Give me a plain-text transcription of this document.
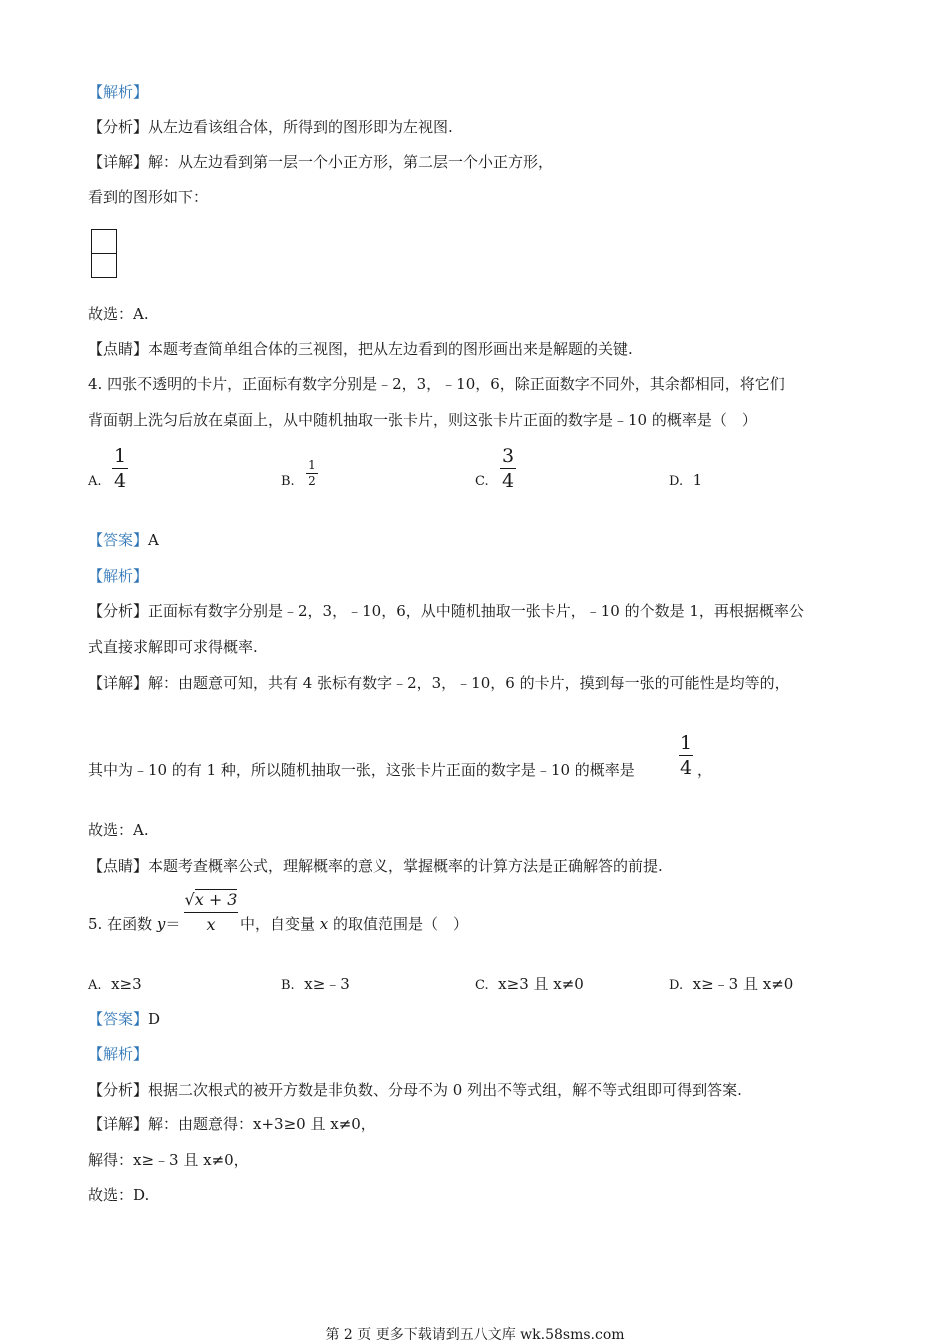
【解析】
【分析】从左边看该组合体，所得到的图形即为左视图.
【详解】解：从左边看到第一层一个小正方形，第二层一个小正方形，
看到的图形如下：
故选：A.
【点睛】本题考查简单组合体的三视图，把从左边看到的图形画出来是解题的关键.
4. 四张不透明的卡片，正面标有数字分别是﹣2，3，﹣10，6，除正面数字不同外，其余都相同，将它们
背面朝上洗匀后放在桌面上，从中随机抽取一张卡片，则这张卡片正面的数字是﹣10 的概率是（　）
A.
1
4	B.
1
2	C.
3
4	D. 1
【答案】A
【解析】
【分析】正面标有数字分别是﹣2，3，﹣10，6，从中随机抽取一张卡片，﹣10 的个数是 1，再根据概率公
式直接求解即可求得概率.
【详解】解：由题意可知，共有 4 张标有数字﹣2，3，﹣10，6 的卡片，摸到每一张的可能性是均等的，
其中为﹣10 的有 1 种，所以随机抽取一张，这张卡片正面的数字是﹣10 的概率是
1
4 ，
故选：A.
【点睛】本题考查概率公式，理解概率的意义，掌握概率的计算方法是正确解答的前提.
5. 在函数 y＝
√x + 3
x	中，自变量 x 的取值范围是（　）
A. x≥3	B. x≥﹣3	C. x≥3 且 x≠0	D. x≥﹣3 且 x≠0
【答案】D
【解析】
【分析】根据二次根式的被开方数是非负数、分母不为 0 列出不等式组，解不等式组即可得到答案.
【详解】解：由题意得：x+3≥0 且 x≠0，
解得：x≥﹣3 且 x≠0，
故选：D.
第 2 页 更多下载请到五八文库 wk.58sms.com
